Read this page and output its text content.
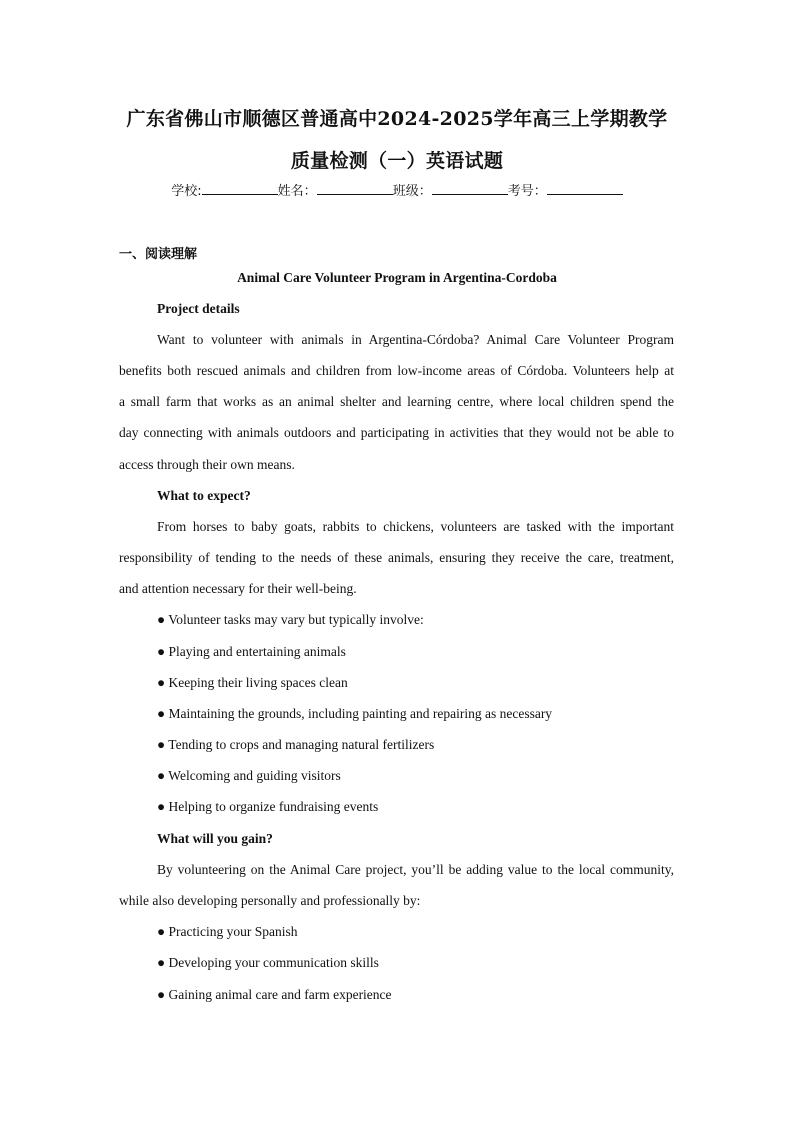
广东省佛山市顺德区普通高中2024-2025学年高三上学期教学
质量检测（一）英语试题
学校:	姓名：	班级：	考号：
一、阅读理解
Animal Care Volunteer Program in Argentina-Cordoba
Project details
Want to volunteer with animals in Argentina-Córdoba? Animal Care Volunteer Program
benefits both rescued animals and children from low-income areas of Córdoba. Volunteers help at
a small farm that works as an animal shelter and learning centre, where local children spend the
day connecting with animals outdoors and participating in activities that they would not be able to
access through their own means.
What to expect?
From horses to baby goats, rabbits to chickens, volunteers are tasked with the important
responsibility of tending to the needs of these animals, ensuring they receive the care, treatment,
and attention necessary for their well-being.
● Volunteer tasks may vary but typically involve:
● Playing and entertaining animals
● Keeping their living spaces clean
● Maintaining the grounds, including painting and repairing as necessary
● Tending to crops and managing natural fertilizers
● Welcoming and guiding visitors
● Helping to organize fundraising events
What will you gain?
By volunteering on the Animal Care project, you’ll be adding value to the local community,
while also developing personally and professionally by:
● Practicing your Spanish
● Developing your communication skills
● Gaining animal care and farm experience
